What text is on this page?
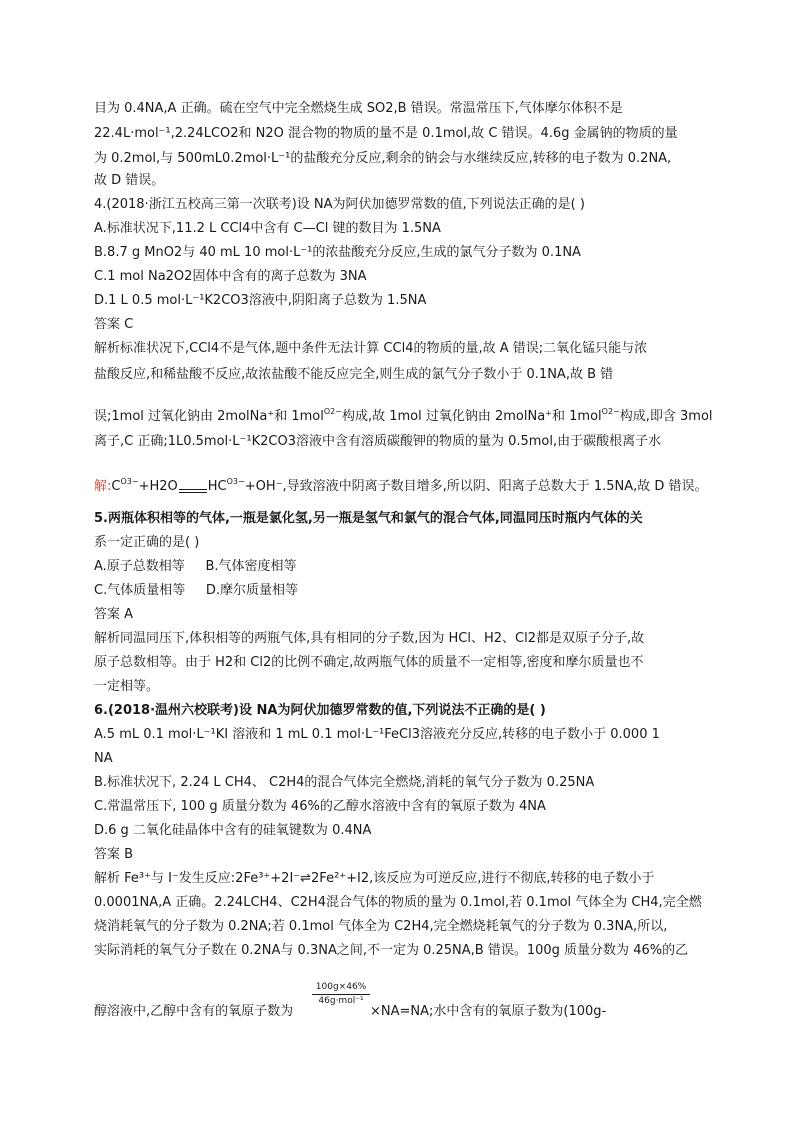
目为 0.4NA,A 正确。硫在空气中完全燃烧生成 SO2,B 错误。常温常压下,气体摩尔体积不是
22.4L·mol⁻¹,2.24LCO2和 N2O 混合物的物质的量不是 0.1mol,故 C 错误。4.6g 金属钠的物质的量
为 0.2mol,与 500mL0.2mol·L⁻¹的盐酸充分反应,剩余的钠会与水继续反应,转移的电子数为 0.2NA,
故 D 错误。
4.(2018·浙江五校高三第一次联考)设 NA为阿伏加德罗常数的值,下列说法正确的是( )
A.标准状况下,11.2 L CCl4中含有 C—Cl 键的数目为 1.5NA
B.8.7 g MnO2与 40 mL 10 mol·L⁻¹的浓盐酸充分反应,生成的氯气分子数为 0.1NA
C.1 mol Na2O2固体中含有的离子总数为 3NA
D.1 L 0.5 mol·L⁻¹K2CO3溶液中,阴阳离子总数为 1.5NA
答案 C
解析标准状况下,CCl4不是气体,题中条件无法计算 CCl4的物质的量,故 A 错误;二氧化锰只能与浓
盐酸反应,和稀盐酸不反应,故浓盐酸不能反应完全,则生成的氯气分子数小于 0.1NA,故 B 错
误;1mol 过氧化钠由 2molNa⁺和 1mol$^{O2-}$构成,故 1mol 过氧化钠由 2molNa⁺和 1mol$^{O2-}$构成,即含 3mol
离子,C 正确;1L0.5mol·L⁻¹K2CO3溶液中含有溶质碳酸钾的物质的量为 0.5mol,由于碳酸根离子水
解$:C^{O3-}+H2O$ $HC^{O3-}+OH^-$,导致溶液中阴离子数目增多,所以阴、阳离子总数大于 1.5NA,故 D 错误。
5.两瓶体积相等的气体,一瓶是氯化氢,另一瓶是氢气和氯气的混合气体,同温同压时瓶内气体的关
系一定正确的是( )
A.原子总数相等     B.气体密度相等
C.气体质量相等     D.摩尔质量相等
答案 A
解析同温同压下,体积相等的两瓶气体,具有相同的分子数,因为 HCl、H2、Cl2都是双原子分子,故
原子总数相等。由于 H2和 Cl2的比例不确定,故两瓶气体的质量不一定相等,密度和摩尔质量也不
一定相等。
6.(2018·温州六校联考)设 NA为阿伏加德罗常数的值,下列说法不正确的是( )
A.5 mL 0.1 mol·L⁻¹KI 溶液和 1 mL 0.1 mol·L⁻¹FeCl3溶液充分反应,转移的电子数小于 0.000 1
NA
B.标准状况下, 2.24 L CH4、 C2H4的混合气体完全燃烧,消耗的氧气分子数为 0.25NA
C.常温常压下, 100 g 质量分数为 46%的乙醇水溶液中含有的氧原子数为 4NA
D.6 g 二氧化硅晶体中含有的硅氧键数为 0.4NA
答案 B
解析 Fe³⁺与 I⁻发生反应:2Fe³⁺+2I⁻⇌2Fe²⁺+I2,该反应为可逆反应,进行不彻底,转移的电子数小于
0.0001NA,A 正确。2.24LCH4、C2H4混合气体的物质的量为 0.1mol,若 0.1mol 气体全为 CH4,完全燃
烧消耗氧气的分子数为 0.2NA;若 0.1mol 气体全为 C2H4,完全燃烧耗氧气的分子数为 0.3NA,所以,
实际消耗的氧气分子数在 0.2NA与 0.3NA之间,不一定为 0.25NA,B 错误。100g 质量分数为 46%的乙
100g×46%
46g·mol⁻¹
醇溶液中,乙醇中含有的氧原子数为	×NA=NA;水中含有的氧原子数为(100g-
